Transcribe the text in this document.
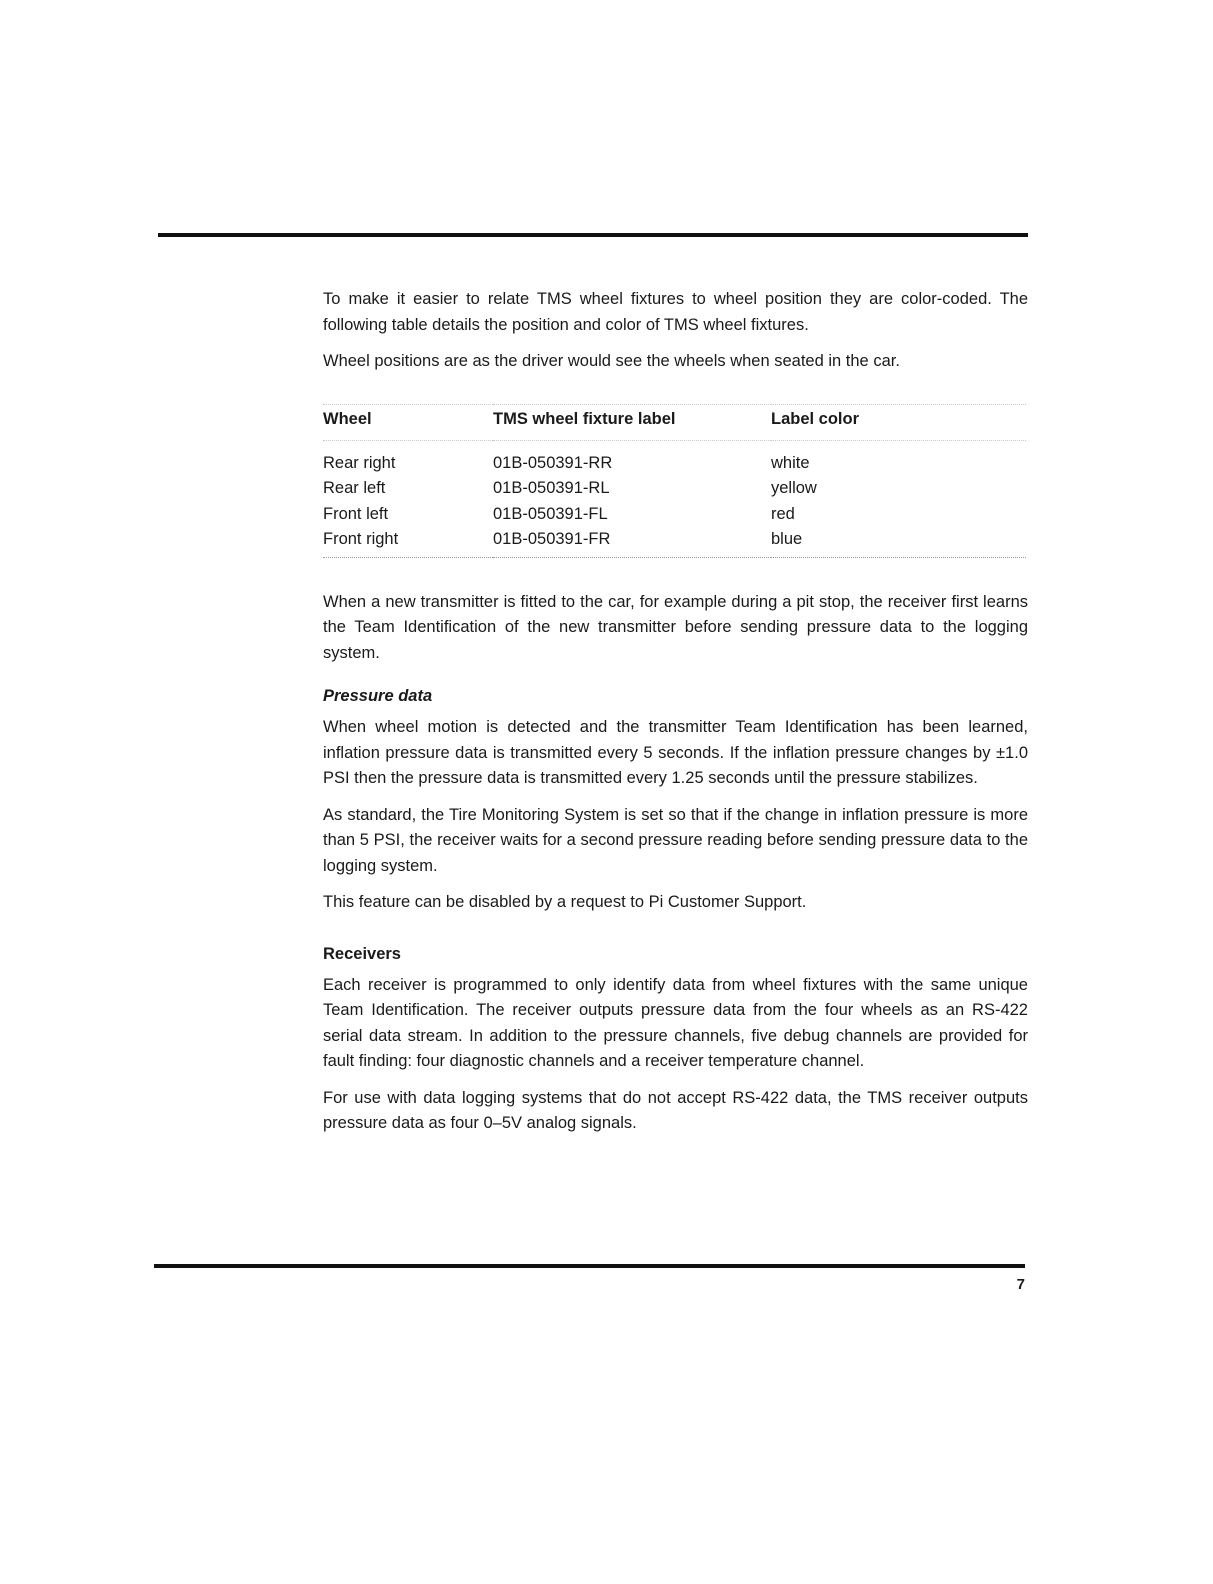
To make it easier to relate TMS wheel fixtures to wheel position they are color-coded. The following table details the position and color of TMS wheel fixtures.

Wheel positions are as the driver would see the wheels when seated in the car.

Wheel	TMS wheel fixture label	Label color
Rear right	01B-050391-RR	white
Rear left	01B-050391-RL	yellow
Front left	01B-050391-FL	red
Front right	01B-050391-FR	blue

When a new transmitter is fitted to the car, for example during a pit stop, the receiver first learns the Team Identification of the new transmitter before sending pressure data to the logging system.

Pressure data

When wheel motion is detected and the transmitter Team Identification has been learned, inflation pressure data is transmitted every 5 seconds. If the inflation pressure changes by ±1.0 PSI then the pressure data is transmitted every 1.25 seconds until the pressure stabilizes.

As standard, the Tire Monitoring System is set so that if the change in inflation pressure is more than 5 PSI, the receiver waits for a second pressure reading before sending pressure data to the logging system.

This feature can be disabled by a request to Pi Customer Support.

Receivers

Each receiver is programmed to only identify data from wheel fixtures with the same unique Team Identification. The receiver outputs pressure data from the four wheels as an RS-422 serial data stream. In addition to the pressure channels, five debug channels are provided for fault finding: four diagnostic channels and a receiver temperature channel.

For use with data logging systems that do not accept RS-422 data, the TMS receiver outputs pressure data as four 0–5V analog signals.

7
